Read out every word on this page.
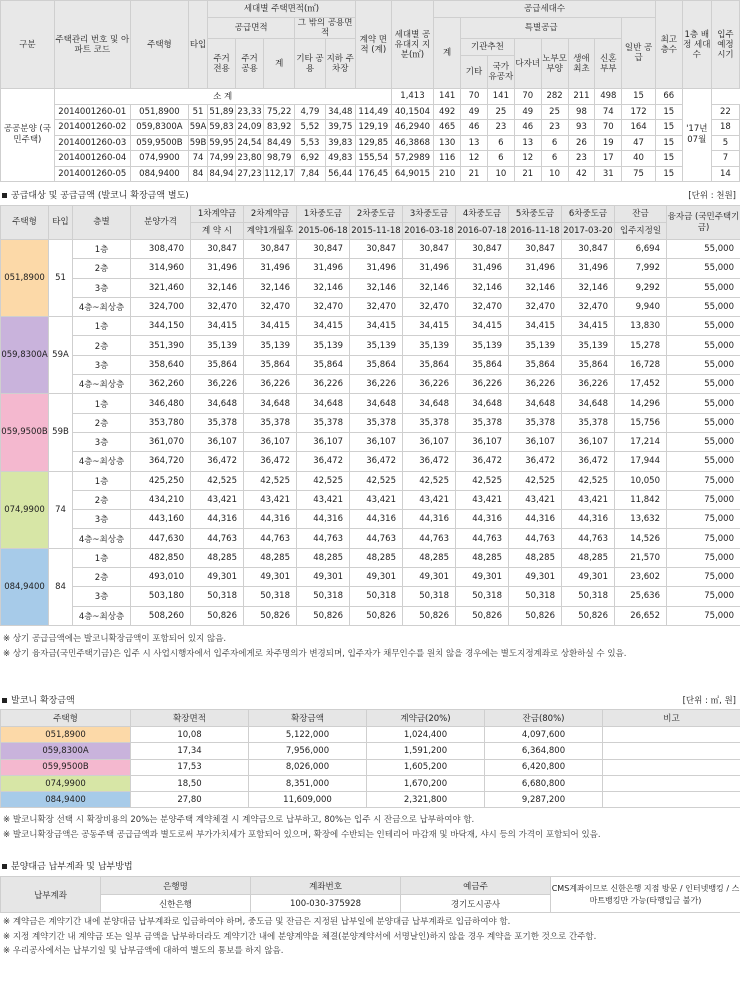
구분	주택관리 번호 및 아파트 코드	주택형	타입	세대별 주택면적(㎡)					계약 면적 (계)	세대별 공유대지 지분(㎡)	공급세대수								최고 층수	1층 배정 세대수	입주 예정 시기
				공급면적			그 밖의 공용면적				계	특별공급						일반 공급			
				주거 전용	주거 공용	계	기타 공용	지하 주차장				기관추천		다자녀	노부모 부양	생애 최초	신혼 부부				
												기타	국가 유공자								
공공분양 (국민주택)	소 계									1,413	141	70	141	70	282	211	498	15	66	'17년 07월	
	2014001260-01	051,8900	51	51,89	23,33	75,22	4,79	34,48	114,49	40,1504	492	49	25	49	25	98	74	172	15		22
	2014001260-02	059,8300A	59A	59,83	24,09	83,92	5,52	39,75	129,19	46,2940	465	46	23	46	23	93	70	164	15		18
	2014001260-03	059,9500B	59B	59,95	24,54	84,49	5,53	39,83	129,85	46,3868	130	13	6	13	6	26	19	47	15		5
	2014001260-04	074,9900	74	74,99	23,80	98,79	6,92	49,83	155,54	57,2989	116	12	6	12	6	23	17	40	15		7
	2014001260-05	084,9400	84	84,94	27,23	112,17	7,84	56,44	176,45	64,9015	210	21	10	21	10	42	31	75	15		14
공급대상 및 공급금액 (발코니 확장금액 별도)	[단위 : 천원]
주택형	타입	층별	분양가격	1차계약금	2차계약금	1차중도금	2차중도금	3차중도금	4차중도금	5차중도금	6차중도금	잔금	융자금 (국민주택기금)
				계 약 시	계약1개월후	2015-06-18	2015-11-18	2016-03-18	2016-07-18	2016-11-18	2017-03-20	입주지정일	
051,8900	51	1층	308,470	30,847	30,847	30,847	30,847	30,847	30,847	30,847	30,847	6,694	55,000
		2층	314,960	31,496	31,496	31,496	31,496	31,496	31,496	31,496	31,496	7,992	55,000
		3층	321,460	32,146	32,146	32,146	32,146	32,146	32,146	32,146	32,146	9,292	55,000
		4층~최상층	324,700	32,470	32,470	32,470	32,470	32,470	32,470	32,470	32,470	9,940	55,000
059,8300A	59A	1층	344,150	34,415	34,415	34,415	34,415	34,415	34,415	34,415	34,415	13,830	55,000
		2층	351,390	35,139	35,139	35,139	35,139	35,139	35,139	35,139	35,139	15,278	55,000
		3층	358,640	35,864	35,864	35,864	35,864	35,864	35,864	35,864	35,864	16,728	55,000
		4층~최상층	362,260	36,226	36,226	36,226	36,226	36,226	36,226	36,226	36,226	17,452	55,000
059,9500B	59B	1층	346,480	34,648	34,648	34,648	34,648	34,648	34,648	34,648	34,648	14,296	55,000
		2층	353,780	35,378	35,378	35,378	35,378	35,378	35,378	35,378	35,378	15,756	55,000
		3층	361,070	36,107	36,107	36,107	36,107	36,107	36,107	36,107	36,107	17,214	55,000
		4층~최상층	364,720	36,472	36,472	36,472	36,472	36,472	36,472	36,472	36,472	17,944	55,000
074,9900	74	1층	425,250	42,525	42,525	42,525	42,525	42,525	42,525	42,525	42,525	10,050	75,000
		2층	434,210	43,421	43,421	43,421	43,421	43,421	43,421	43,421	43,421	11,842	75,000
		3층	443,160	44,316	44,316	44,316	44,316	44,316	44,316	44,316	44,316	13,632	75,000
		4층~최상층	447,630	44,763	44,763	44,763	44,763	44,763	44,763	44,763	44,763	14,526	75,000
084,9400	84	1층	482,850	48,285	48,285	48,285	48,285	48,285	48,285	48,285	48,285	21,570	75,000
		2층	493,010	49,301	49,301	49,301	49,301	49,301	49,301	49,301	49,301	23,602	75,000
		3층	503,180	50,318	50,318	50,318	50,318	50,318	50,318	50,318	50,318	25,636	75,000
		4층~최상층	508,260	50,826	50,826	50,826	50,826	50,826	50,826	50,826	50,826	26,652	75,000
※ 상기 공급금액에는 발코니확장금액이 포함되어 있지 않음.
※ 상기 융자금(국민주택기금)은 입주 시 사업시행자에서 입주자에게로 차주명의가 변경되며, 입주자가 채무인수를 원치 않을 경우에는 별도지정계좌로 상환하실 수 있음.
발코니 확장금액	[단위 : ㎡, 원]
주택형	확장면적	확장금액	계약금(20%)	잔금(80%)	비고
051,8900	10,08	5,122,000	1,024,400	4,097,600	
059,8300A	17,34	7,956,000	1,591,200	6,364,800	
059,9500B	17,53	8,026,000	1,605,200	6,420,800	
074,9900	18,50	8,351,000	1,670,200	6,680,800	
084,9400	27,80	11,609,000	2,321,800	9,287,200	
※ 발코니확장 선택 시 확장비용의 20%는 분양주택 계약체결 시 계약금으로 납부하고, 80%는 입주 시 잔금으로 납부하여야 함.
※ 발코니확장금액은 공동주택 공급금액과 별도로써 부가가치세가 포함되어 있으며, 확장에 수반되는 인테리어 마감재 및 바닥재, 샤시 등의 가격이 포함되어 있음.
분양대금 납부계좌 및 납부방법
납부계좌	은행명	계좌번호	예금주	CMS계좌이므로 신한은행 지점 방문 / 인터넷뱅킹 / 스마트뱅킹만 가능(타행입금 불가)
	신한은행	100-030-375928	경기도시공사	
※ 계약금은 계약기간 내에 분양대금 납부계좌로 입금하여야 하며, 중도금 및 잔금은 지정된 납부일에 분양대금 납부계좌로 입금하여야 함.
※ 지정 계약기간 내 계약금 또는 일부 금액을 납부하더라도 계약기간 내에 분양계약을 체결(분양계약서에 서명날인)하지 않을 경우 계약을 포기한 것으로 간주함.
※ 우리공사에서는 납부기일 및 납부금액에 대하여 별도의 통보를 하지 않음.
